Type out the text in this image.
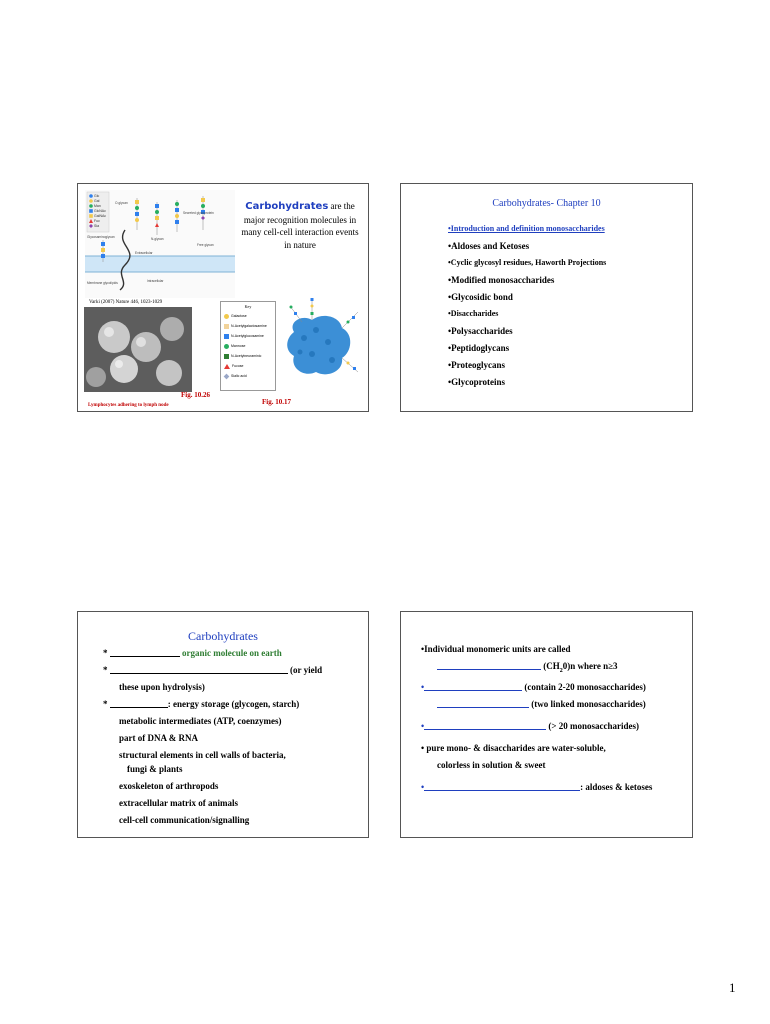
Glc
Gal
Man
GlcNAc
GalNAc
Fuc
Sia
O-glycan
Glycosaminoglycan	N-glycan
Secreted glycoprotein
Free glycan
Extracellular
Intracellular
Membrane glycolipids
Varki (2007) Nature 446, 1023-1029
Fig. 10.26
Lymphocytes adhering to lymph node
Carbohydrates are the major recognition molecules in many cell-cell interaction events in nature
Key
Galactose
N-Acetylgalactosamine
N-Acetylglucosamine
Mannose
N-Acetylneuraminic
Fucose
Sialic acid
Fig. 10.17
Carbohydrates- Chapter 10
•Introduction and definition monosaccharides
•Aldoses and Ketoses
•Cyclic glycosyl residues, Haworth Projections
•Modified monosaccharides
•Glycosidic bond
•Disaccharides
•Polysaccharides
•Peptidoglycans
•Proteoglycans
•Glycoproteins
Carbohydrates
*	organic molecule on earth
*	(or yield
these upon hydrolysis)
*	: energy storage (glycogen, starch)
metabolic intermediates (ATP, coenzymes)
part of DNA & RNA
structural elements in cell walls of bacteria,
fungi & plants
exoskeleton of arthropods
extracellular matrix of animals
cell-cell communication/signalling
•Individual monomeric units are called
$(CH_20)n$ where n≥3
•	(contain 2-20 monosaccharides)
(two linked monosaccharides)
•	(> 20 monosaccharides)
• pure mono- & disaccharides are water-soluble,
colorless in solution & sweet
•	: aldoses & ketoses
1
